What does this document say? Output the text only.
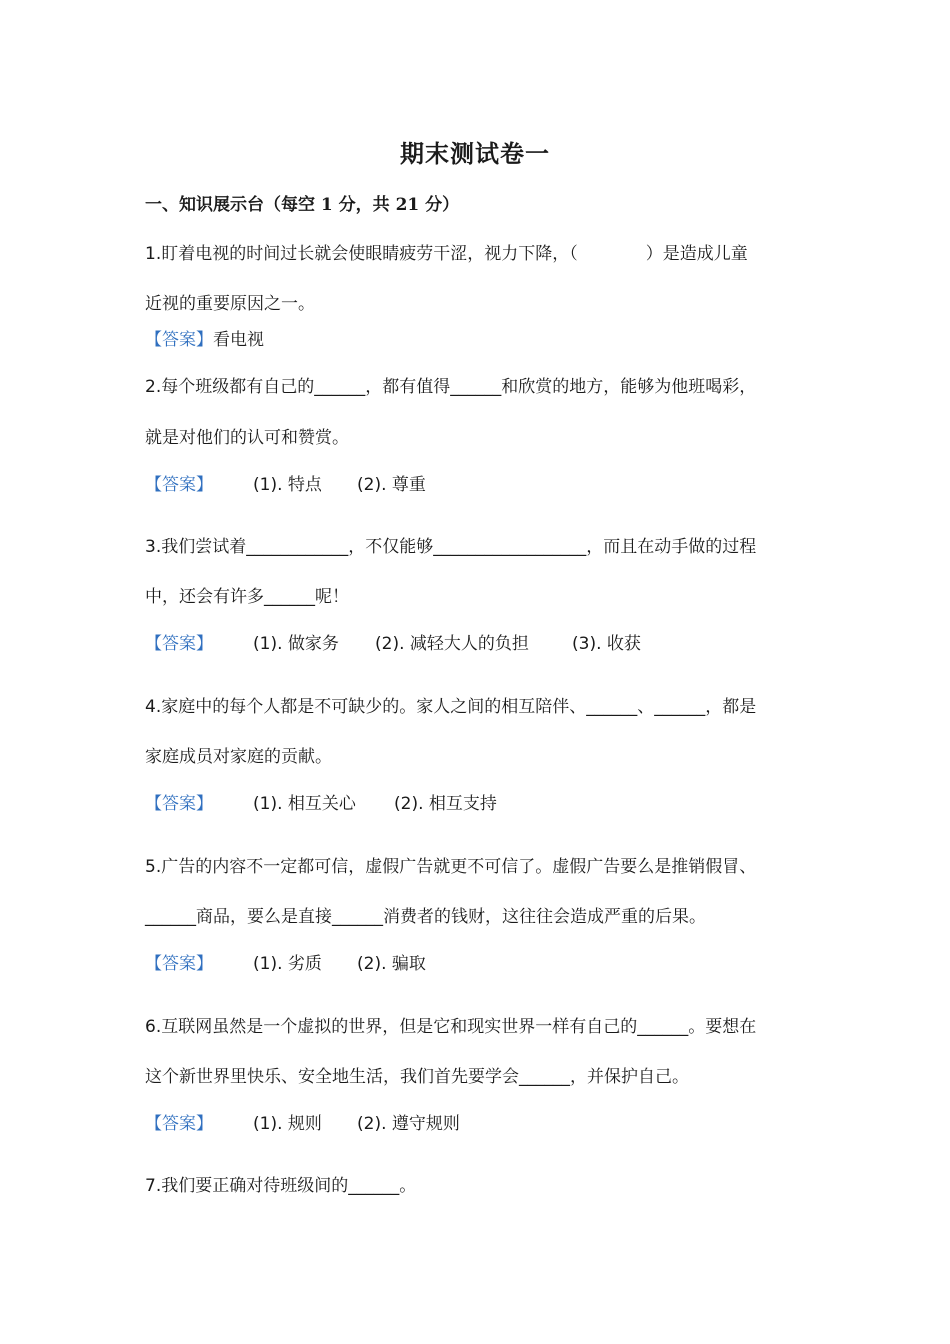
期末测试卷一
一、知识展示台（每空 1 分，共 21 分）
1.盯着电视的时间过长就会使眼睛疲劳干涩，视力下降，（　　　　）是造成儿童
近视的重要原因之一。
【答案】看电视
2.每个班级都有自己的______，都有值得______和欣赏的地方，能够为他班喝彩，
就是对他们的认可和赞赏。
【答案】 (1). 特点 (2). 尊重
3.我们尝试着____________，不仅能够__________________，而且在动手做的过程
中，还会有许多______呢！
【答案】 (1). 做家务 (2). 减轻大人的负担	(3). 收获
4.家庭中的每个人都是不可缺少的。家人之间的相互陪伴、______、______，都是
家庭成员对家庭的贡献。
【答案】 (1). 相互关心 (2). 相互支持
5.广告的内容不一定都可信，虚假广告就更不可信了。虚假广告要么是推销假冒、
______商品，要么是直接______消费者的钱财，这往往会造成严重的后果。
【答案】 (1). 劣质 (2). 骗取
6.互联网虽然是一个虚拟的世界，但是它和现实世界一样有自己的______。要想在
这个新世界里快乐、安全地生活，我们首先要学会______，并保护自己。
【答案】 (1). 规则 (2). 遵守规则
7.我们要正确对待班级间的______。
